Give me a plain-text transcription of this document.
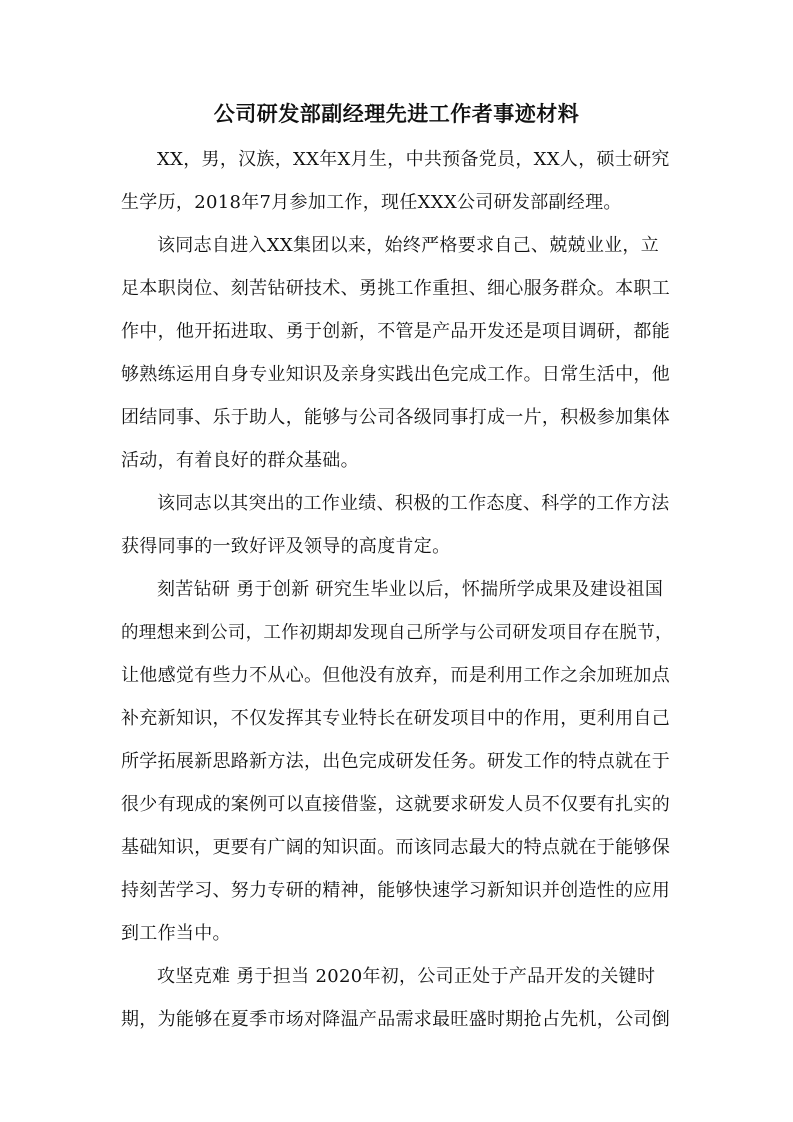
公司研发部副经理先进工作者事迹材料
XX，男，汉族，XX年X月生，中共预备党员，XX人，硕士研究
生学历，2018年7月参加工作，现任XXX公司研发部副经理。
该同志自进入XX集团以来，始终严格要求自己、兢兢业业，立
足本职岗位、刻苦钻研技术、勇挑工作重担、细心服务群众。本职工
作中，他开拓进取、勇于创新，不管是产品开发还是项目调研，都能
够熟练运用自身专业知识及亲身实践出色完成工作。日常生活中，他
团结同事、乐于助人，能够与公司各级同事打成一片，积极参加集体
活动，有着良好的群众基础。
该同志以其突出的工作业绩、积极的工作态度、科学的工作方法
获得同事的一致好评及领导的高度肯定。
刻苦钻研 勇于创新 研究生毕业以后，怀揣所学成果及建设祖国
的理想来到公司，工作初期却发现自己所学与公司研发项目存在脱节，
让他感觉有些力不从心。但他没有放弃，而是利用工作之余加班加点
补充新知识，不仅发挥其专业特长在研发项目中的作用，更利用自己
所学拓展新思路新方法，出色完成研发任务。研发工作的特点就在于
很少有现成的案例可以直接借鉴，这就要求研发人员不仅要有扎实的
基础知识，更要有广阔的知识面。而该同志最大的特点就在于能够保
持刻苦学习、努力专研的精神，能够快速学习新知识并创造性的应用
到工作当中。
攻坚克难 勇于担当 2020年初，公司正处于产品开发的关键时
期，为能够在夏季市场对降温产品需求最旺盛时期抢占先机，公司倒
